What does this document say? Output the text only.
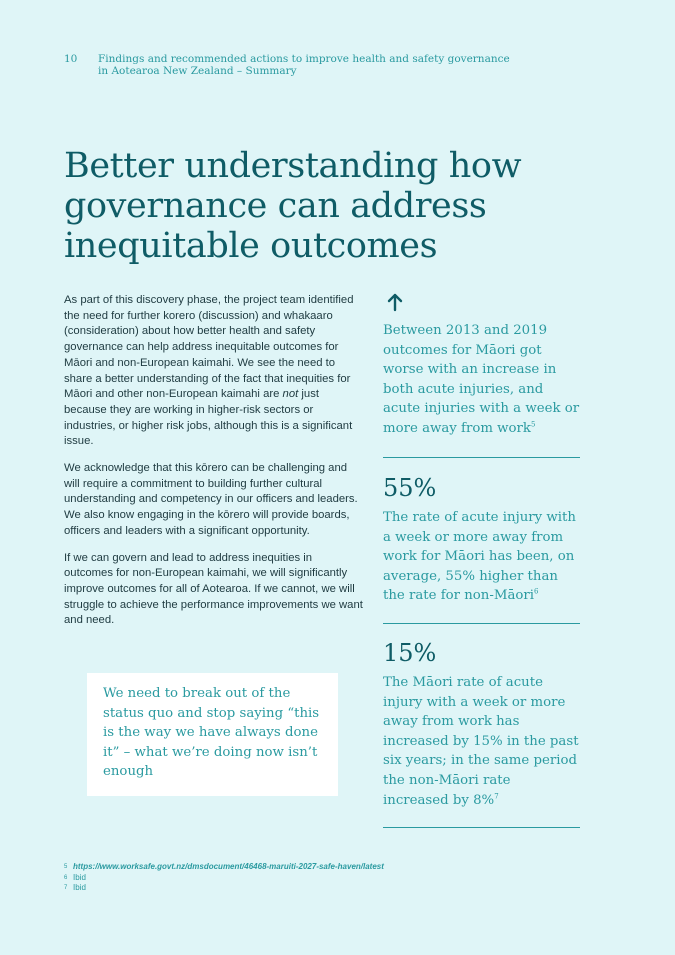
10	Findings and recommended actions to improve health and safety governance
in Aotearoa New Zealand – Summary
Better understanding how
governance can address
inequitable outcomes

As part of this discovery phase, the project team identified the need for further korero (discussion) and whakaaro (consideration) about how better health and safety governance can help address inequitable outcomes for Māori and non-European kaimahi. We see the need to share a better understanding of the fact that inequities for Māori and other non-European kaimahi are not just because they are working in higher-risk sectors or industries, or higher risk jobs, although this is a significant issue.

We acknowledge that this kōrero can be challenging and will require a commitment to building further cultural understanding and competency in our officers and leaders. We also know engaging in the kōrero will provide boards, officers and leaders with a significant opportunity.

If we can govern and lead to address inequities in outcomes for non-European kaimahi, we will significantly improve outcomes for all of Aotearoa. If we cannot, we will struggle to achieve the performance improvements we want and need.

We need to break out of the status quo and stop saying “this is the way we have always done it” – what we’re doing now isn’t enough

Between 2013 and 2019 outcomes for Māori got worse with an increase in both acute injuries, and acute injuries with a week or more away from work$^5$

55%

The rate of acute injury with a week or more away from work for Māori has been, on average, 55% higher than the rate for non-Māori$^6$

15%

The Māori rate of acute injury with a week or more away from work has increased by 15% in the past six years; in the same period the non-Māori rate increased by 8%$^7$

5 https://www.worksafe.govt.nz/dmsdocument/46468-maruiti-2027-safe-haven/latest
6 Ibid
7 Ibid
